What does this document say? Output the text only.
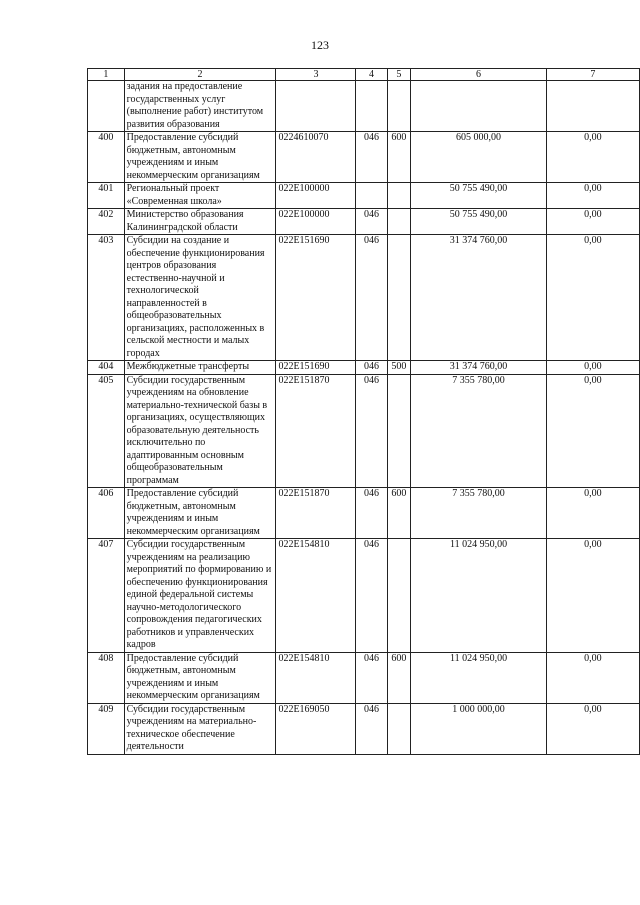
123
1	2	3	4	5	6	7
	задания на предоставление государственных услуг (выполнение работ) институтом развития образования					
400	Предоставление субсидий бюджетным, автономным учреждениям и иным некоммерческим организациям	0224610070	046	600	605 000,00	0,00
401	Региональный проект «Современная школа»	022E100000			50 755 490,00	0,00
402	Министерство образования Калининградской области	022E100000	046		50 755 490,00	0,00
403	Субсидии на создание и обеспечение функционирования центров образования естественно-научной и технологической направленностей в общеобразовательных организациях, расположенных в сельской местности и малых городах	022E151690	046		31 374 760,00	0,00
404	Межбюджетные трансферты	022E151690	046	500	31 374 760,00	0,00
405	Субсидии государственным учреждениям на обновление материально-технической базы в организациях, осуществляющих образовательную деятельность исключительно по адаптированным основным общеобразовательным программам	022E151870	046		7 355 780,00	0,00
406	Предоставление субсидий бюджетным, автономным учреждениям и иным некоммерческим организациям	022E151870	046	600	7 355 780,00	0,00
407	Субсидии государственным учреждениям на реализацию мероприятий по формированию и обеспечению функционирования единой федеральной системы научно-методологического сопровождения педагогических работников и управленческих кадров	022E154810	046		11 024 950,00	0,00
408	Предоставление субсидий бюджетным, автономным учреждениям и иным некоммерческим организациям	022E154810	046	600	11 024 950,00	0,00
409	Субсидии государственным учреждениям на материально-техническое обеспечение деятельности	022E169050	046		1 000 000,00	0,00
